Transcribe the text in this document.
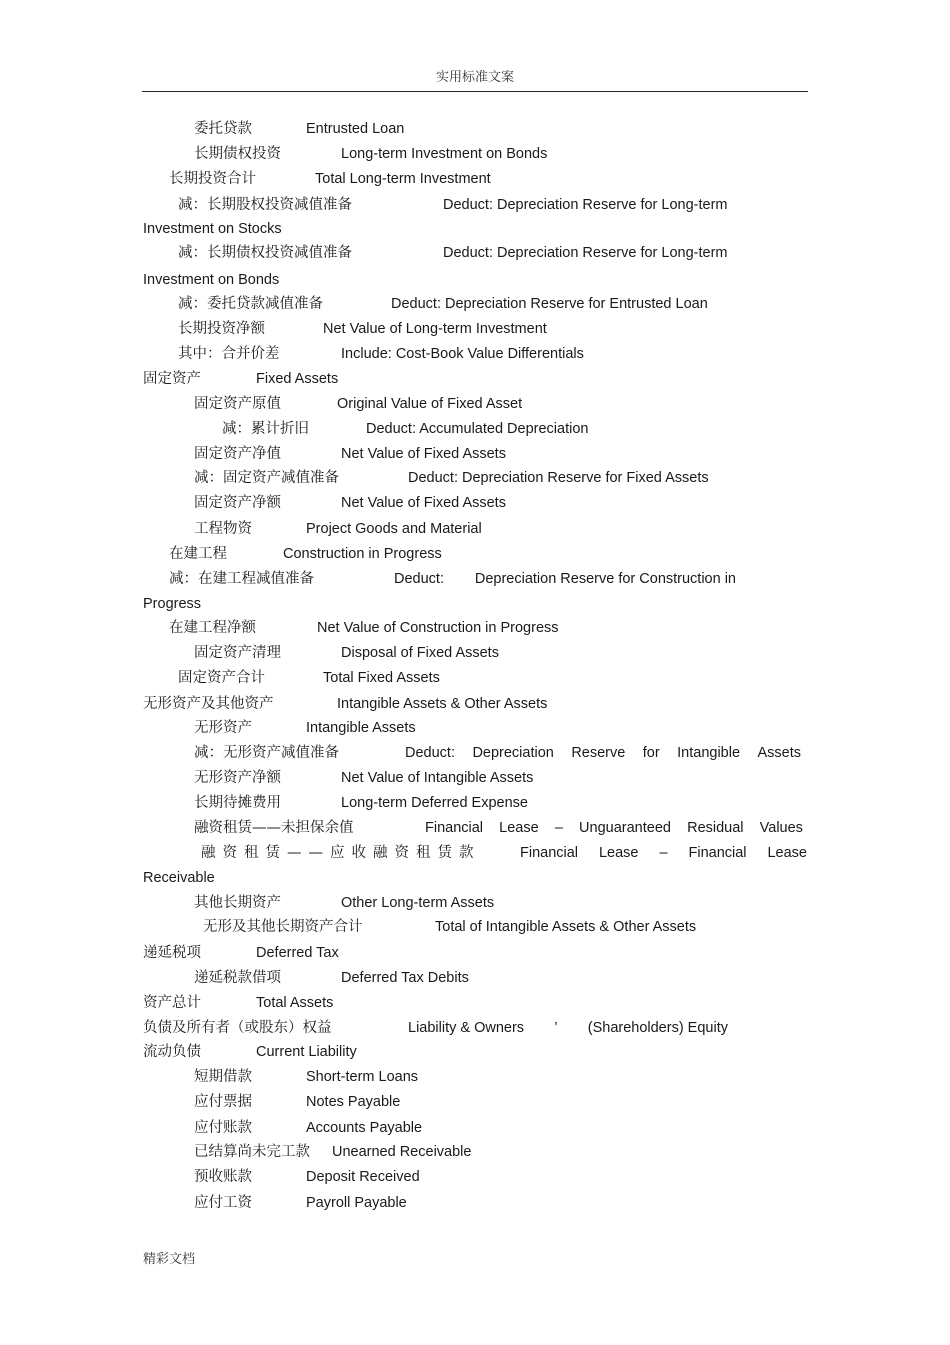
实用标准文案
委托贷款	Entrusted Loan
长期债权投资	Long-term Investment on Bonds
长期投资合计	Total Long-term Investment
减：长期股权投资减值准备	Deduct: Depreciation Reserve for Long-term
Investment on Stocks
减：长期债权投资减值准备	Deduct: Depreciation Reserve for Long-term
Investment on Bonds
减：委托贷款减值准备	Deduct: Depreciation Reserve for Entrusted Loan
长期投资净额	Net Value of Long-term Investment
其中：合并价差	Include: Cost-Book Value Differentials
固定资产	Fixed Assets
固定资产原值	Original Value of Fixed Asset
减：累计折旧	Deduct: Accumulated Depreciation
固定资产净值	Net Value of Fixed Assets
减：固定资产减值准备	Deduct: Depreciation Reserve for Fixed Assets
固定资产净额	Net Value of Fixed Assets
工程物资	Project Goods and Material
在建工程	Construction in Progress
减：在建工程减值准备	Deduct: Depreciation Reserve for Construction in
Progress
在建工程净额	Net Value of Construction in Progress
固定资产清理	Disposal of Fixed Assets
固定资产合计	Total Fixed Assets
无形资产及其他资产	Intangible Assets & Other Assets
无形资产	Intangible Assets
减：无形资产减值准备	Deduct: Depreciation Reserve for Intangible Assets
无形资产净额	Net Value of Intangible Assets
长期待摊费用	Long-term Deferred Expense
融资租赁——未担保余值	Financial Lease – Unguaranteed Residual Values
融资租赁——应收融资租赁款	Financial Lease – Financial Lease
Receivable
其他长期资产	Other Long-term Assets
无形及其他长期资产合计	Total of Intangible Assets & Other Assets
递延税项	Deferred Tax
递延税款借项	Deferred Tax Debits
资产总计	Total Assets
负债及所有者（或股东）权益	Liability & Owners ’ (Shareholders) Equity
流动负债	Current Liability
短期借款	Short-term Loans
应付票据	Notes Payable
应付账款	Accounts Payable
已结算尚未完工款 Unearned Receivable
预收账款	Deposit Received
应付工资	Payroll Payable
精彩文档
